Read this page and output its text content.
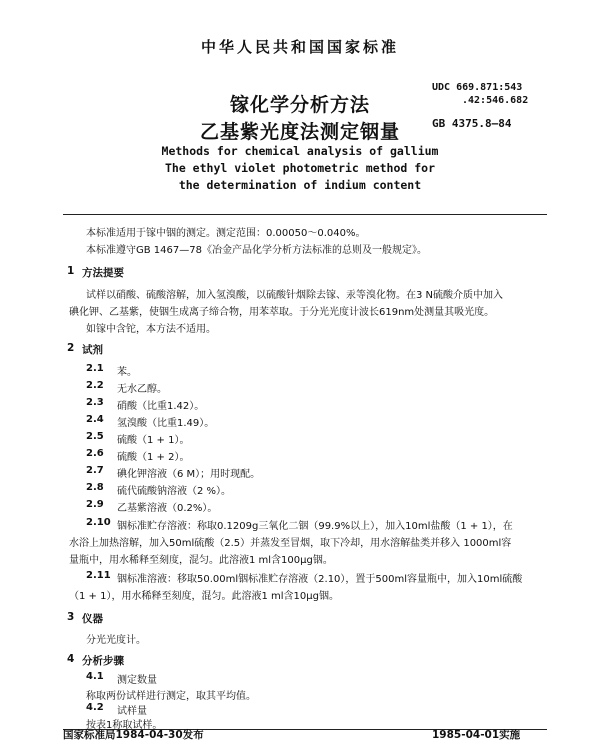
中华人民共和国国家标准
镓化学分析方法
乙基紫光度法测定铟量
UDC 669.871:543
.42:546.682
GB 4375.8—84
Methods for chemical analysis of gallium
The ethyl violet photometric method for
the determination of indium content
本标准适用于镓中铟的测定。测定范围：0.00050～0.040%。
本标准遵守GB 1467—78《冶金产品化学分析方法标准的总则及一般规定》。
1 方法提要
试样以硝酸、硫酸溶解，加入氢溴酸，以硫酸针烟除去镓、汞等溴化物。在3 N硫酸介质中加入
碘化钾、乙基紫，使铟生成离子缔合物，用苯萃取。于分光光度计波长619nm处测量其吸光度。
如镓中含铊，本方法不适用。
2 试剂
2.1 苯。
2.2 无水乙醇。
2.3 硝酸（比重1.42）。
2.4 氢溴酸（比重1.49）。
2.5 硫酸（1 + 1）。
2.6 硫酸（1 + 2）。
2.7 碘化钾溶液（6 M）；用时现配。
2.8 硫代硫酸钠溶液（2 %）。
2.9 乙基紫溶液（0.2%）。
2.10 铟标准贮存溶液：称取0.1209g三氧化二铟（99.9%以上），加入10ml盐酸（1 + 1），在
水浴上加热溶解，加入50ml硫酸（2.5）并蒸发至冒烟，取下冷却，用水溶解盐类并移入 1000ml容
量瓶中，用水稀释至刻度，混匀。此溶液1 ml含100μg铟。
2.11 铟标准溶液：移取50.00ml铟标准贮存溶液（2.10），置于500ml容量瓶中，加入10ml硫酸
（1 + 1），用水稀释至刻度，混匀。此溶液1 ml含10μg铟。
3 仪器
分光光度计。
4 分析步骤
4.1 测定数量
称取两份试样进行测定，取其平均值。
4.2 试样量
按表1称取试样。
国家标准局1984-04-30发布	1985-04-01实施
